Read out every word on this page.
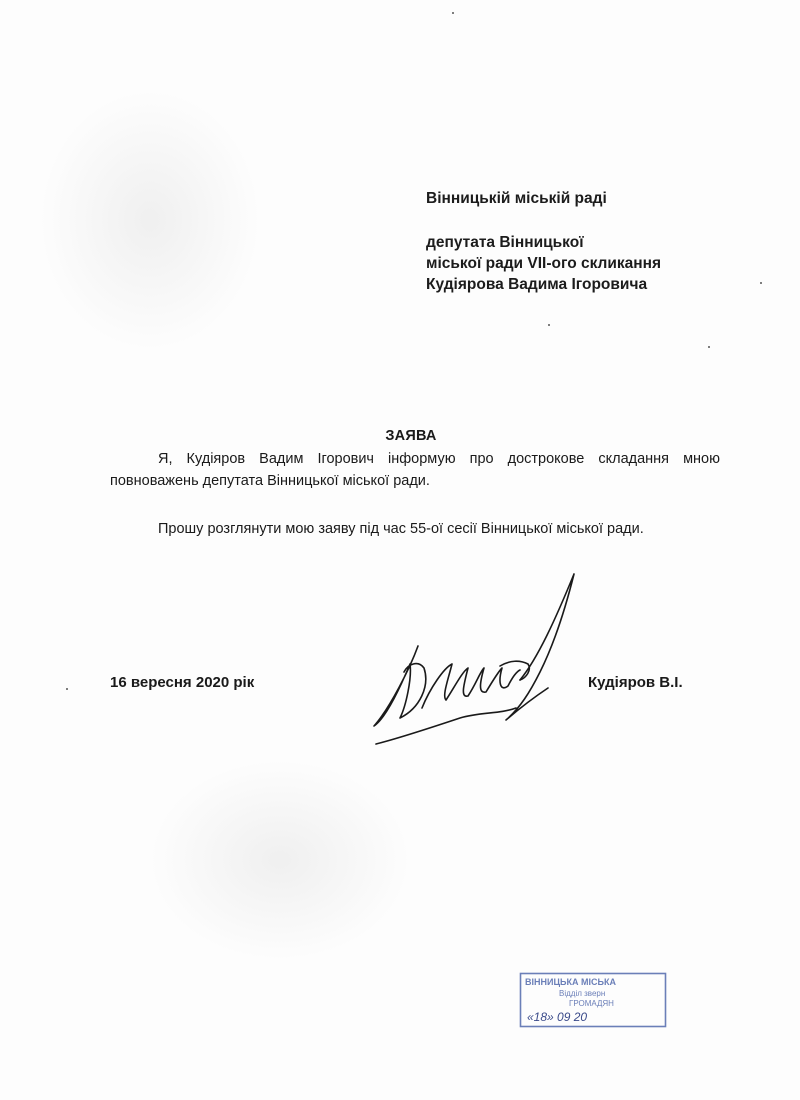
Вінницькій міській раді
депутата Вінницької
міської ради VII-ого скликання
Кудіярова Вадима Ігоровича
ЗАЯВА
Я, Кудіяров Вадим Ігорович інформую про дострокове складання мною повноважень депутата Вінницької міської ради.
Прошу розглянути мою заяву під час 55-ої сесії Вінницької міської ради.
16 вересня 2020 рік	Кудіяров В.І.
ВІННИЦЬКА МІСЬКА
Відділ зверн
ГРОМАДЯН
«18» 09 20
